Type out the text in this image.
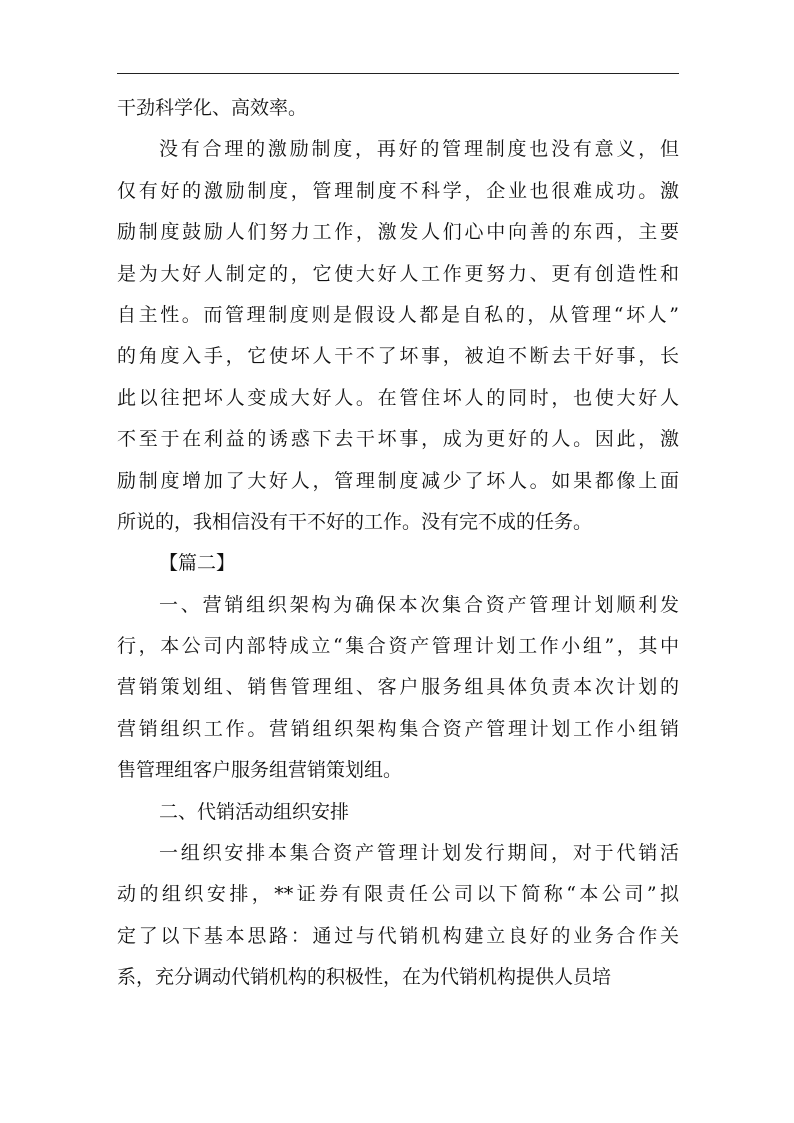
干劲科学化、高效率。
没有合理的激励制度，再好的管理制度也没有意义，但
仅有好的激励制度，管理制度不科学，企业也很难成功。激
励制度鼓励人们努力工作，激发人们心中向善的东西，主要
是为大好人制定的，它使大好人工作更努力、更有创造性和
自主性。而管理制度则是假设人都是自私的，从管理“坏人”
的角度入手，它使坏人干不了坏事，被迫不断去干好事，长
此以往把坏人变成大好人。在管住坏人的同时，也使大好人
不至于在利益的诱惑下去干坏事，成为更好的人。因此，激
励制度增加了大好人，管理制度减少了坏人。如果都像上面
所说的，我相信没有干不好的工作。没有完不成的任务。
【篇二】
一、营销组织架构为确保本次集合资产管理计划顺利发
行，本公司内部特成立“集合资产管理计划工作小组”，其中
营销策划组、销售管理组、客户服务组具体负责本次计划的
营销组织工作。营销组织架构集合资产管理计划工作小组销
售管理组客户服务组营销策划组。
二、代销活动组织安排
一组织安排本集合资产管理计划发行期间，对于代销活
动的组织安排，**证券有限责任公司以下简称“本公司”拟
定了以下基本思路：通过与代销机构建立良好的业务合作关
系，充分调动代销机构的积极性，在为代销机构提供人员培
